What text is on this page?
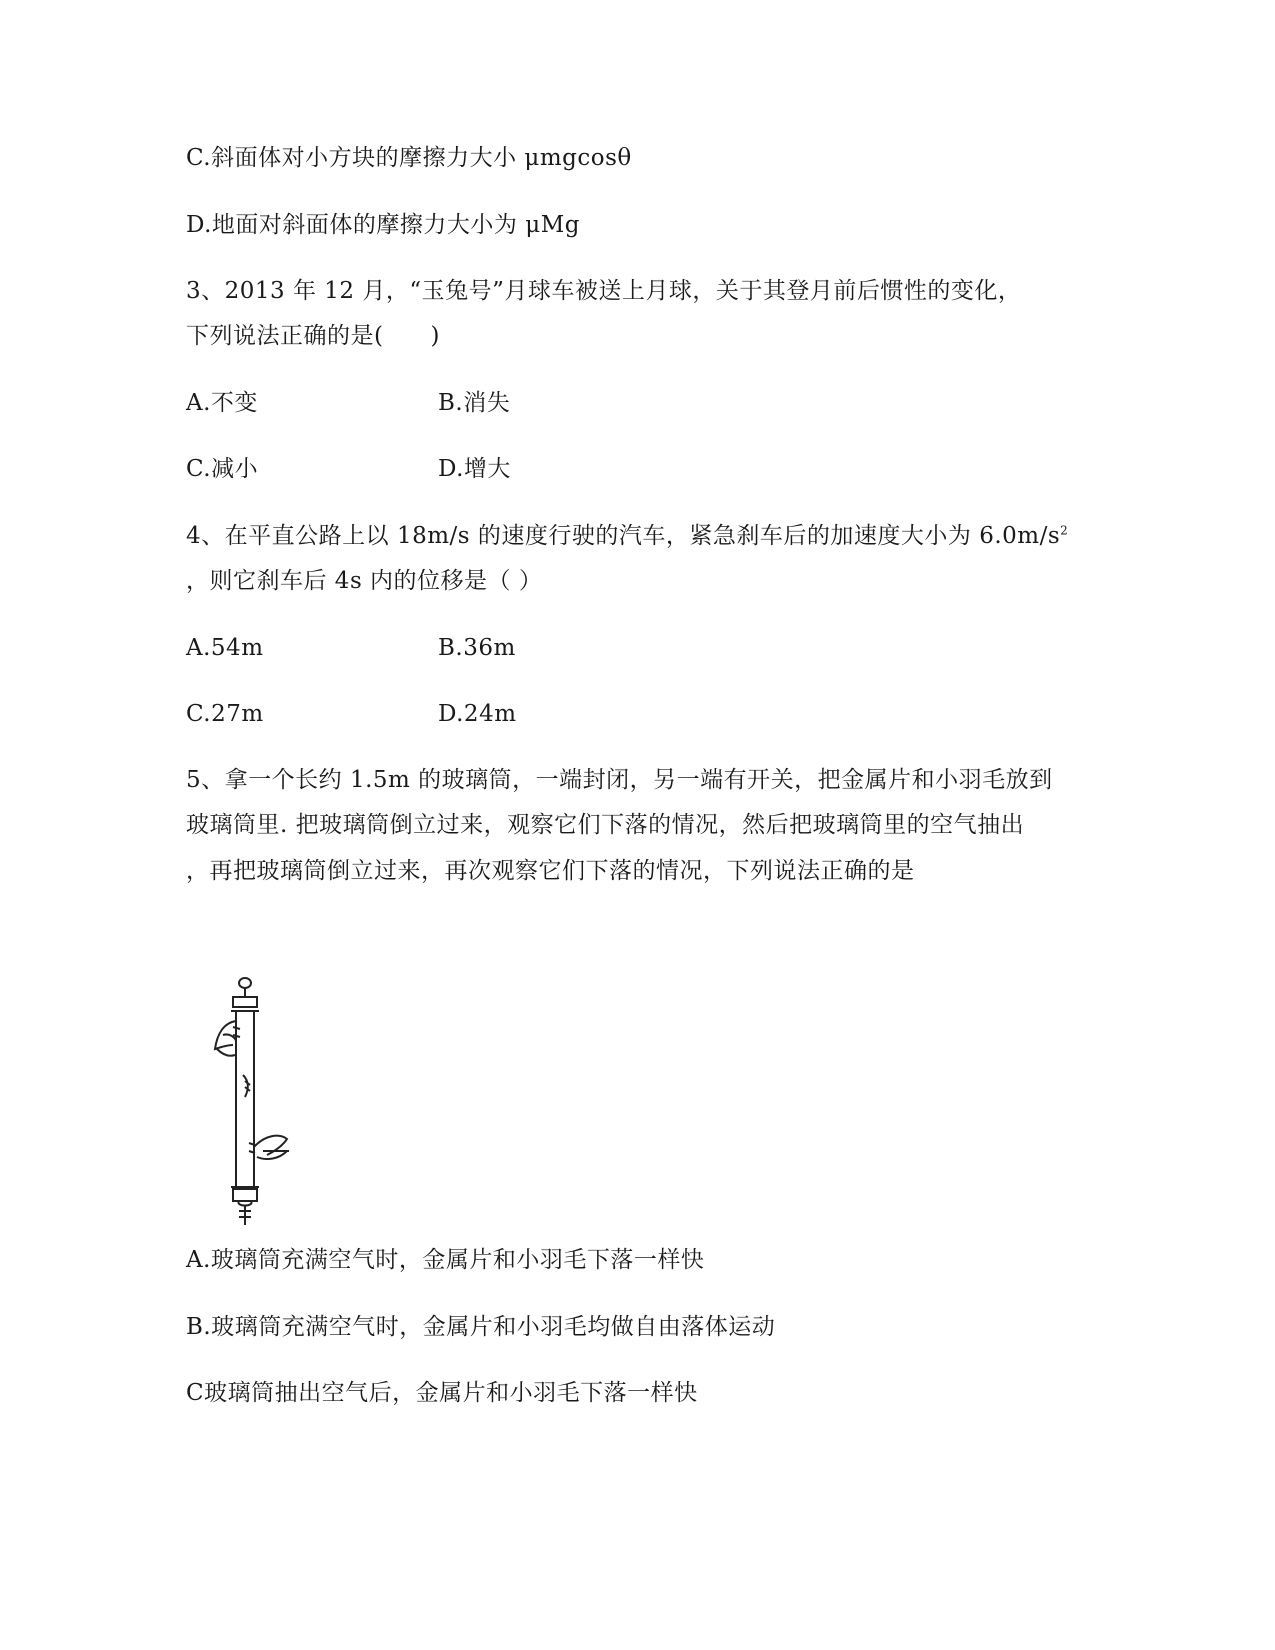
C.斜面体对小方块的摩擦力大小 μmgcosθ
D.地面对斜面体的摩擦力大小为 μMg
3、2013 年 12 月，“玉兔号”月球车被送上月球，关于其登月前后惯性的变化，
下列说法正确的是(　　)
A.不变	B.消失
C.减小	D.增大
4、在平直公路上以 18m/s 的速度行驶的汽车，紧急刹车后的加速度大小为 $6.0m/s^2$
，则它刹车后 4s 内的位移是（ ）
A.54m	B.36m
C.27m	D.24m
5、拿一个长约 1.5m 的玻璃筒，一端封闭，另一端有开关，把金属片和小羽毛放到
玻璃筒里. 把玻璃筒倒立过来，观察它们下落的情况，然后把玻璃筒里的空气抽出
，再把玻璃筒倒立过来，再次观察它们下落的情况，下列说法正确的是
A.玻璃筒充满空气时，金属片和小羽毛下落一样快
B.玻璃筒充满空气时，金属片和小羽毛均做自由落体运动
C玻璃筒抽出空气后，金属片和小羽毛下落一样快
